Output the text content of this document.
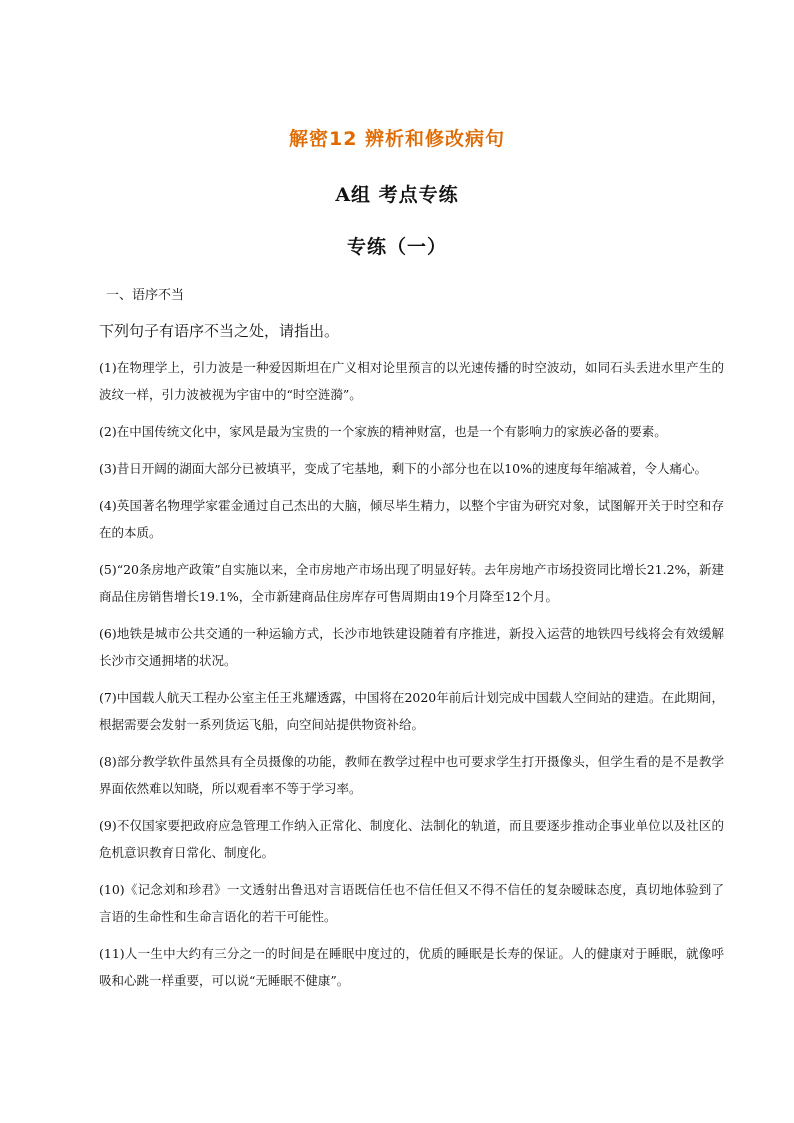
解密12 辨析和修改病句
A组 考点专练
专练（一）
一、语序不当
下列句子有语序不当之处，请指出。
(1)在物理学上，引力波是一种爱因斯坦在广义相对论里预言的以光速传播的时空波动，如同石头丢进水里产生的波纹一样，引力波被视为宇宙中的“时空涟漪”。
(2)在中国传统文化中，家风是最为宝贵的一个家族的精神财富，也是一个有影响力的家族必备的要素。
(3)昔日开阔的湖面大部分已被填平，变成了宅基地，剩下的小部分也在以10%的速度每年缩减着，令人痛心。
(4)英国著名物理学家霍金通过自己杰出的大脑，倾尽毕生精力，以整个宇宙为研究对象，试图解开关于时空和存在的本质。
(5)“20条房地产政策”自实施以来，全市房地产市场出现了明显好转。去年房地产市场投资同比增长21.2%，新建商品住房销售增长19.1%，全市新建商品住房库存可售周期由19个月降至12个月。
(6)地铁是城市公共交通的一种运输方式，长沙市地铁建设随着有序推进，新投入运营的地铁四号线将会有效缓解长沙市交通拥堵的状况。
(7)中国载人航天工程办公室主任王兆耀透露，中国将在2020年前后计划完成中国载人空间站的建造。在此期间，根据需要会发射一系列货运飞船，向空间站提供物资补给。
(8)部分教学软件虽然具有全员摄像的功能，教师在教学过程中也可要求学生打开摄像头，但学生看的是不是教学界面依然难以知晓，所以观看率不等于学习率。
(9)不仅国家要把政府应急管理工作纳入正常化、制度化、法制化的轨道，而且要逐步推动企事业单位以及社区的危机意识教育日常化、制度化。
(10)《记念刘和珍君》一文透射出鲁迅对言语既信任也不信任但又不得不信任的复杂暧昧态度，真切地体验到了言语的生命性和生命言语化的若干可能性。
(11)人一生中大约有三分之一的时间是在睡眠中度过的，优质的睡眠是长寿的保证。人的健康对于睡眠，就像呼吸和心跳一样重要，可以说“无睡眠不健康”。
